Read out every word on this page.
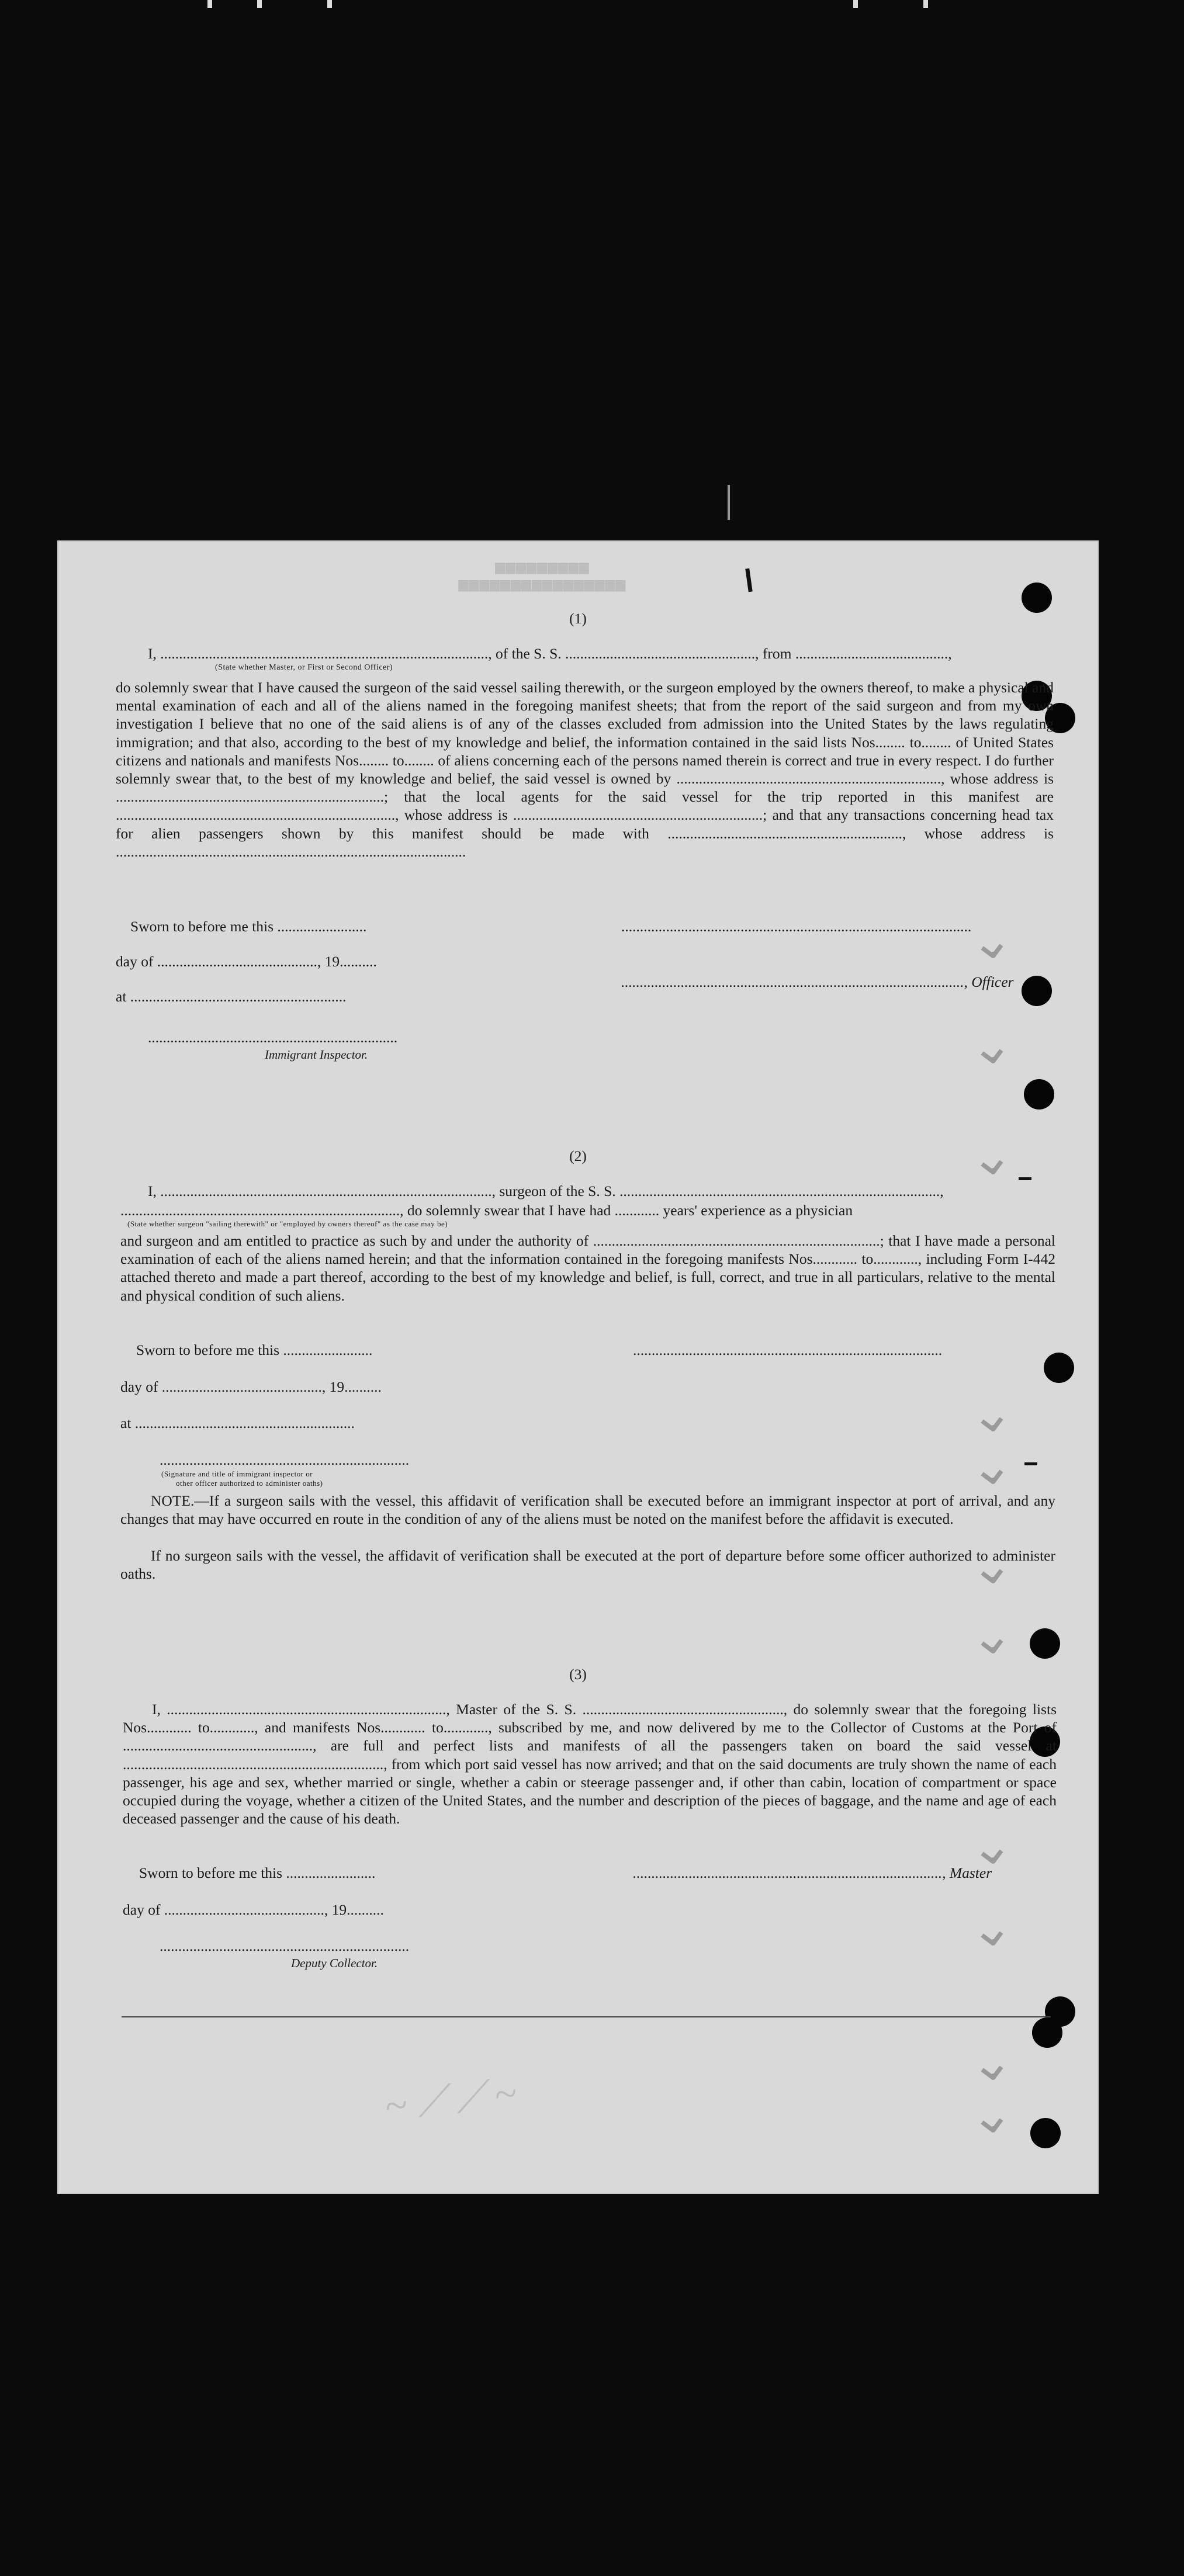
▆▆▆▆▆▆▆▆▆
▆▆▆▆▆▆▆▆▆▆▆▆▆▆▆▆
⌄
⌄
⌄
⌄
⌄
⌄
⌄
⌄
⌄
⌄
⌄
(1)
I, ........................................................................................, of the S. S. ..................................................., from .........................................,
(State whether Master, or First or Second Officer)
do solemnly swear that I have caused the surgeon of the said vessel sailing therewith, or the surgeon employed by the owners thereof, to make a physical and mental examination of each and all of the aliens named in the foregoing manifest sheets; that from the report of the said surgeon and from my own investigation I believe that no one of the said aliens is of any of the classes excluded from admission into the United States by the laws regulating immigration; and that also, according to the best of my knowledge and belief, the information contained in the said lists Nos........ to........ of United States citizens and nationals and manifests Nos........ to........ of aliens concerning each of the persons named therein is correct and true in every respect. I do further solemnly swear that, to the best of my knowledge and belief, the said vessel is owned by ......................................................................., whose address is ........................................................................; that the local agents for the said vessel for the trip reported in this manifest are ..........................................................................., whose address is ...................................................................; and that any transactions concerning head tax for alien passengers shown by this manifest should be made with ..............................................................., whose address is ..............................................................................................
Sworn to before me this ........................	..............................................................................................
day of ..........................................., 19..........
............................................................................................, Officer
at ..........................................................
...................................................................
Immigrant Inspector.
(2)
I, ........................................................................................., surgeon of the S. S. ......................................................................................,
..........................................................................., do solemnly swear that I have had ............ years' experience as a physician
(State whether surgeon "sailing therewith" or "employed by owners thereof" as the case may be)
and surgeon and am entitled to practice as such by and under the authority of .............................................................................; that I have made a personal examination of each of the aliens named herein; and that the information contained in the foregoing manifests Nos............ to............, including Form I-442 attached thereto and made a part thereof, according to the best of my knowledge and belief, is full, correct, and true in all particulars, relative to the mental and physical condition of such aliens.
Sworn to before me this ........................	...................................................................................
day of ..........................................., 19..........
at ...........................................................
...................................................................
(Signature and title of immigrant inspector or
other officer authorized to administer oaths)
NOTE.—If a surgeon sails with the vessel, this affidavit of verification shall be executed before an immigrant inspector at port of arrival, and any changes that may have occurred en route in the condition of any of the aliens must be noted on the manifest before the affidavit is executed.
If no surgeon sails with the vessel, the affidavit of verification shall be executed at the port of departure before some officer authorized to administer oaths.
(3)
I, ..........................................................................., Master of the S. S. ......................................................, do solemnly swear that the foregoing lists Nos............ to............, and manifests Nos............ to............, subscribed by me, and now delivered by me to the Collector of Customs at the Port of ..................................................., are full and perfect lists and manifests of all the passengers taken on board the said vessel at ......................................................................, from which port said vessel has now arrived; and that on the said documents are truly shown the name of each passenger, his age and sex, whether married or single, whether a cabin or steerage passenger and, if other than cabin, location of compartment or space occupied during the voyage, whether a citizen of the United States, and the number and description of the pieces of baggage, and the name and age of each deceased passenger and the cause of his death.
Sworn to before me this ........................	..................................................................................., Master
day of ..........................................., 19..........
...................................................................
Deputy Collector.
~ ⟋ ⟋ ~
